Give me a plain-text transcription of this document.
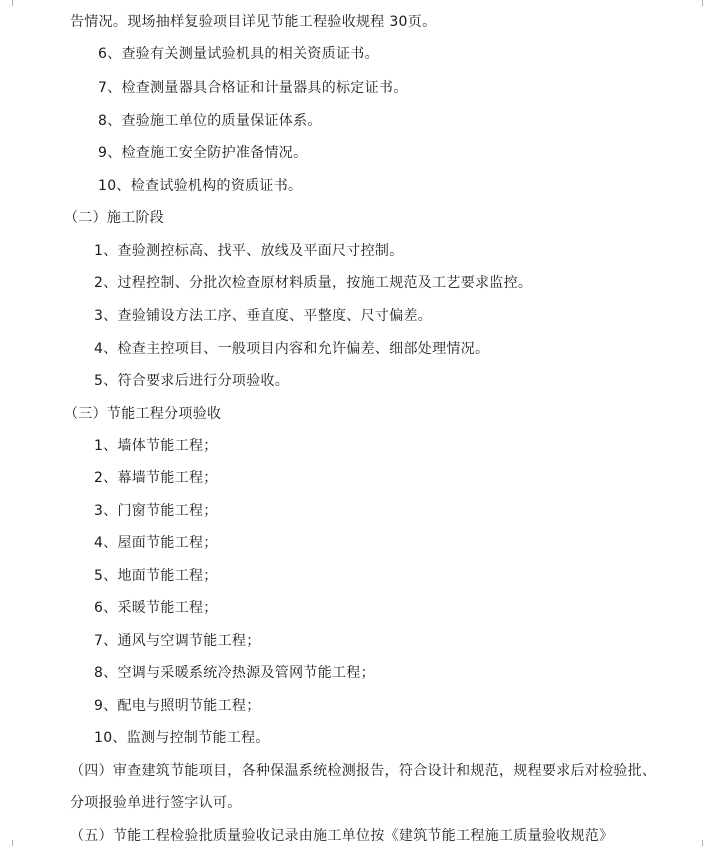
告情况。现场抽样复验项目详见节能工程验收规程 30页。
6、查验有关测量试验机具的相关资质证书。
7、检查测量器具合格证和计量器具的标定证书。
8、查验施工单位的质量保证体系。
9、检查施工安全防护准备情况。
10、检查试验机构的资质证书。
（二）施工阶段
1、查验测控标高、找平、放线及平面尺寸控制。
2、过程控制、分批次检查原材料质量，按施工规范及工艺要求监控。
3、查验铺设方法工序、垂直度、平整度、尺寸偏差。
4、检查主控项目、一般项目内容和允许偏差、细部处理情况。
5、符合要求后进行分项验收。
（三）节能工程分项验收
1、墙体节能工程；
2、幕墙节能工程；
3、门窗节能工程；
4、屋面节能工程；
5、地面节能工程；
6、采暖节能工程；
7、通风与空调节能工程；
8、空调与采暖系统冷热源及管网节能工程；
9、配电与照明节能工程；
10、监测与控制节能工程。
（四）审查建筑节能项目，各种保温系统检测报告，符合设计和规范，规程要求后对检验批、
分项报验单进行签字认可。
（五）节能工程检验批质量验收记录由施工单位按《建筑节能工程施工质量验收规范》
